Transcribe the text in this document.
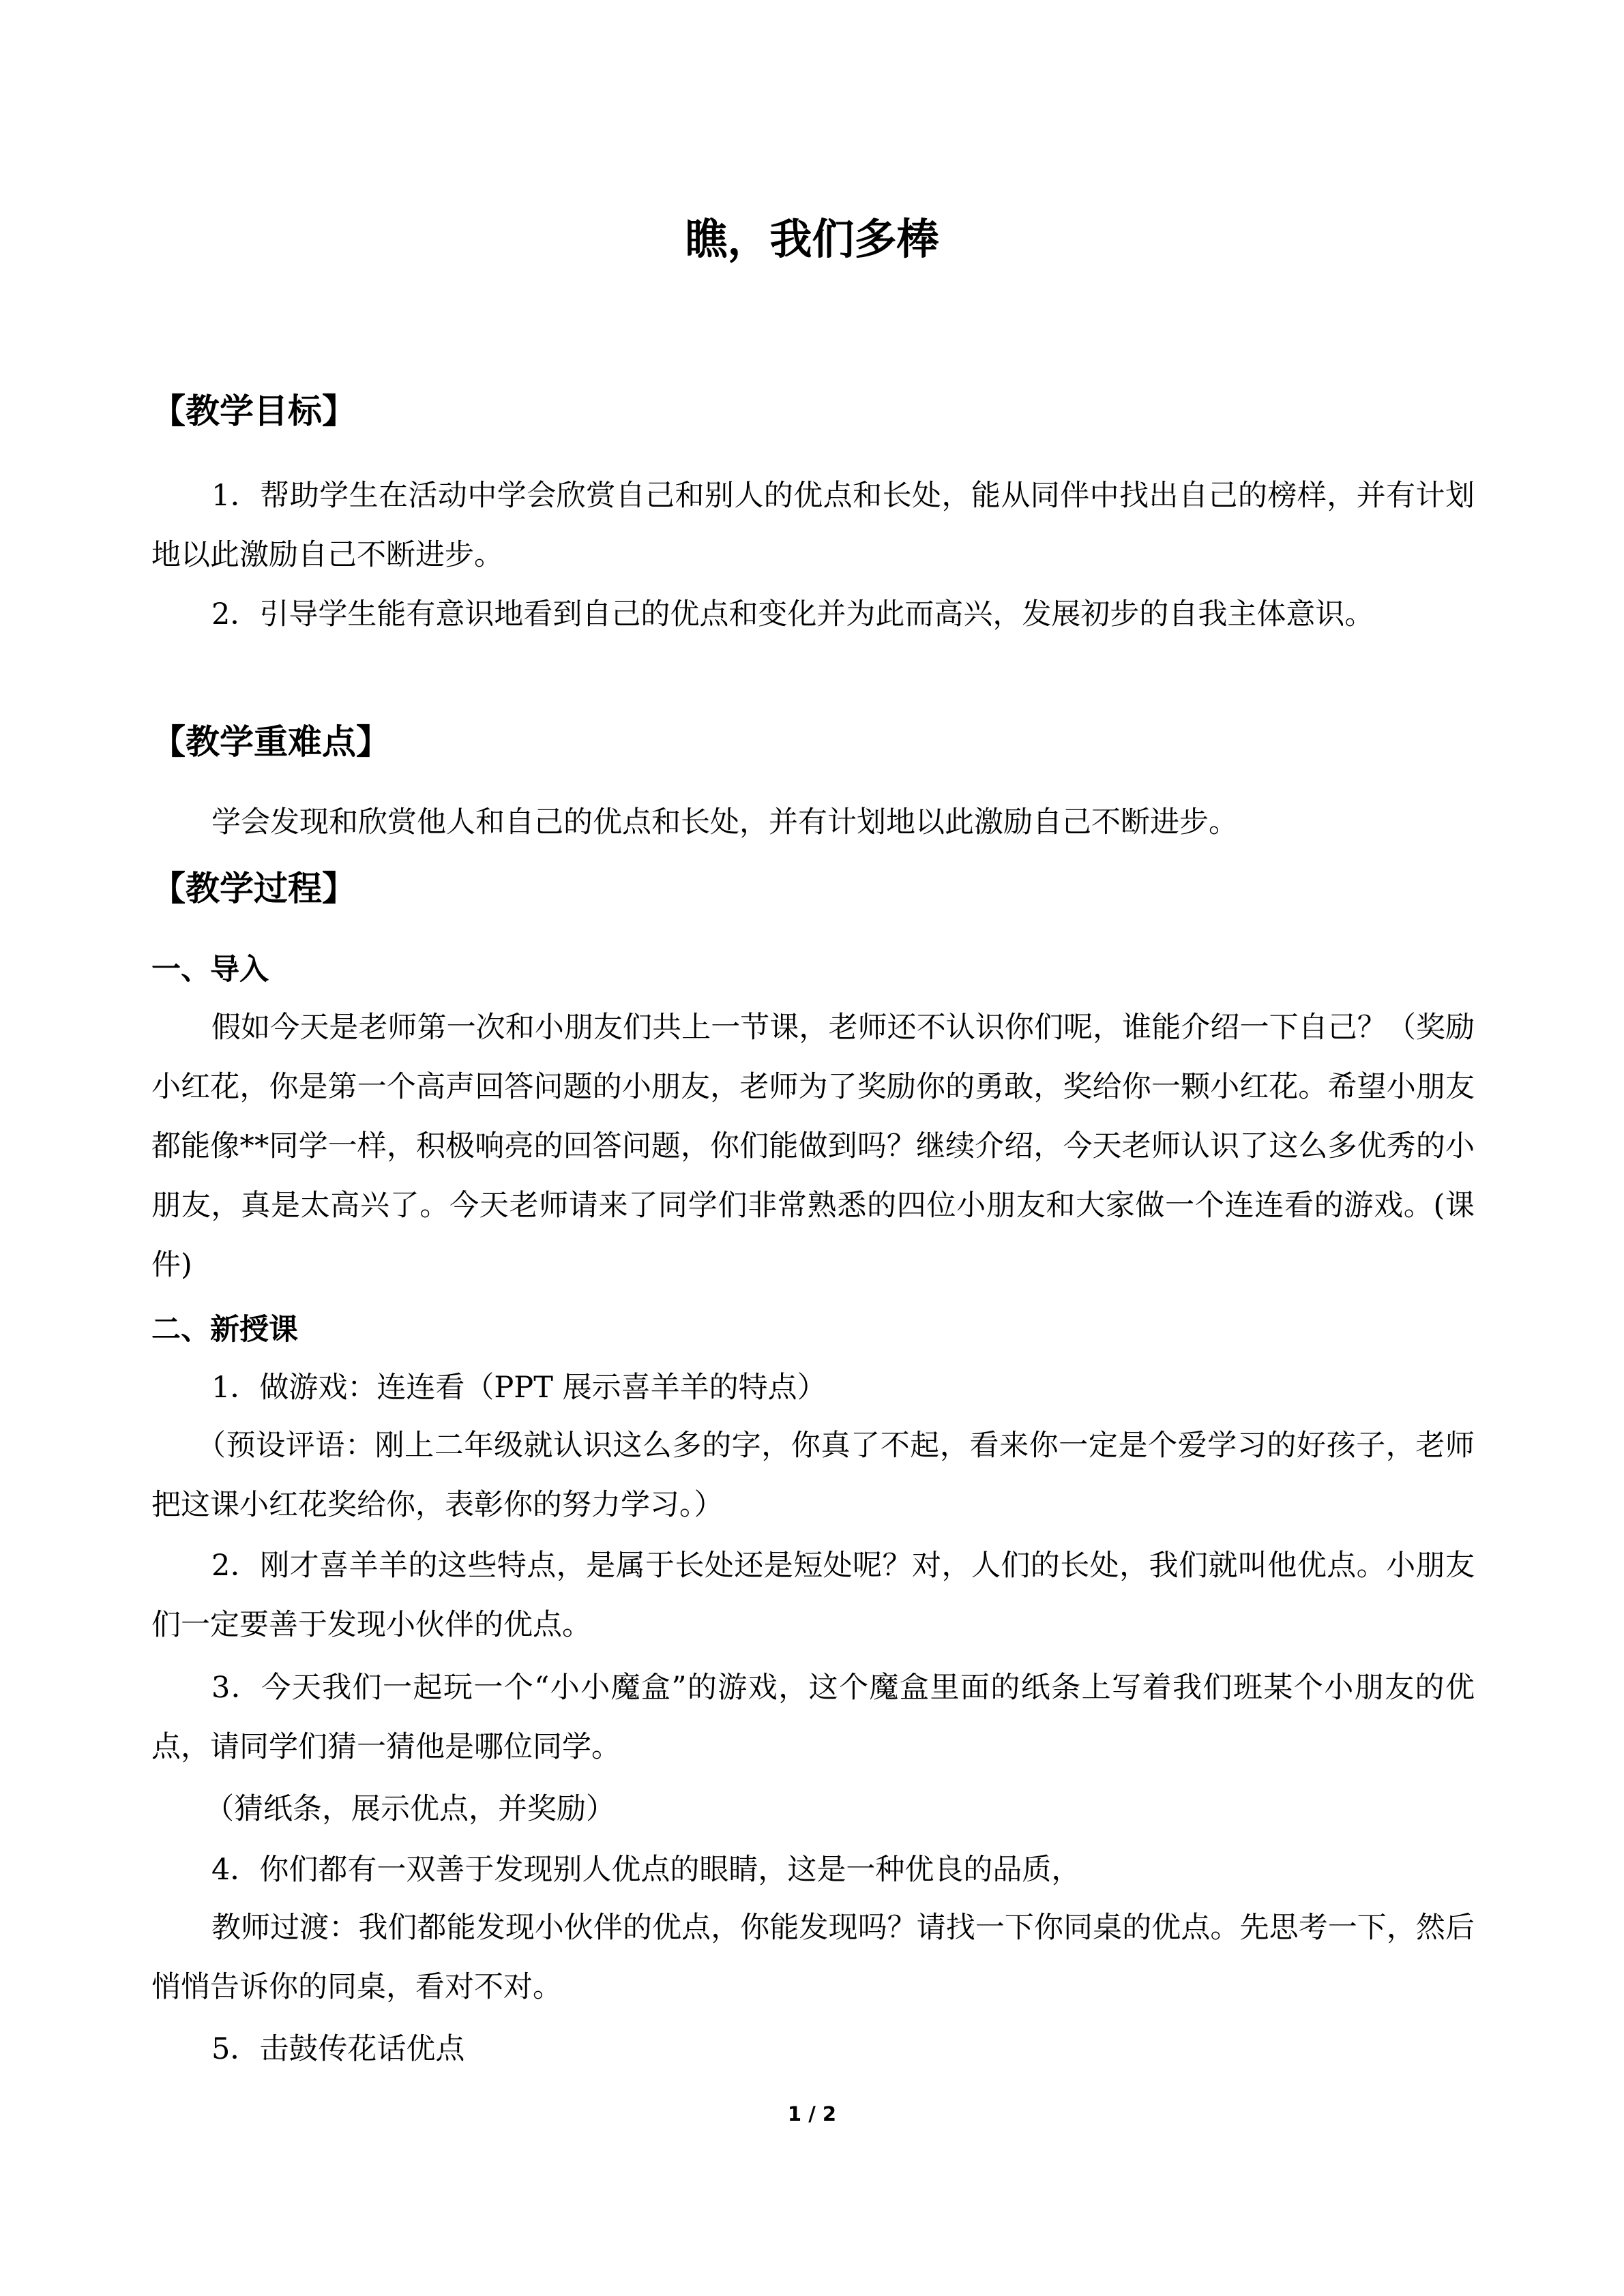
瞧，我们多棒
【教学目标】
1．帮助学生在活动中学会欣赏自己和别人的优点和长处，能从同伴中找出自己的榜样，并有计划地以此激励自己不断进步。
2．引导学生能有意识地看到自己的优点和变化并为此而高兴，发展初步的自我主体意识。
【教学重难点】
学会发现和欣赏他人和自己的优点和长处，并有计划地以此激励自己不断进步。
【教学过程】
一、导入
假如今天是老师第一次和小朋友们共上一节课，老师还不认识你们呢，谁能介绍一下自己？（奖励小红花，你是第一个高声回答问题的小朋友，老师为了奖励你的勇敢，奖给你一颗小红花。希望小朋友都能像**同学一样，积极响亮的回答问题，你们能做到吗？继续介绍，今天老师认识了这么多优秀的小朋友，真是太高兴了。今天老师请来了同学们非常熟悉的四位小朋友和大家做一个连连看的游戏。(课件)
二、新授课
1．做游戏：连连看（PPT 展示喜羊羊的特点）
（预设评语：刚上二年级就认识这么多的字，你真了不起，看来你一定是个爱学习的好孩子，老师把这课小红花奖给你，表彰你的努力学习。）
2．刚才喜羊羊的这些特点，是属于长处还是短处呢？对，人们的长处，我们就叫他优点。小朋友们一定要善于发现小伙伴的优点。
3．今天我们一起玩一个“小小魔盒”的游戏，这个魔盒里面的纸条上写着我们班某个小朋友的优点，请同学们猜一猜他是哪位同学。
（猜纸条，展示优点，并奖励）
4．你们都有一双善于发现别人优点的眼睛，这是一种优良的品质，
教师过渡：我们都能发现小伙伴的优点，你能发现吗？请找一下你同桌的优点。先思考一下，然后悄悄告诉你的同桌，看对不对。
5．击鼓传花话优点
1 / 2
